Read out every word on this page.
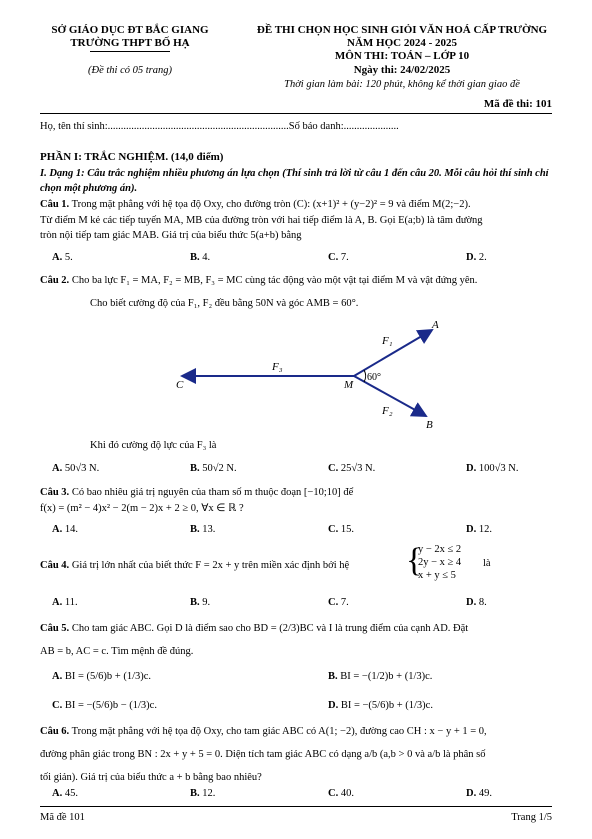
SỞ GIÁO DỤC ĐT BẮC GIANG
TRƯỜNG THPT BỐ HẠ
(Đề thi có 05 trang)
ĐỀ THI CHỌN HỌC SINH GIỎI VĂN HOÁ CẤP TRƯỜNG
NĂM HỌC 2024 - 2025
MÔN THI: TOÁN – LỚP 10
Ngày thi: 24/02/2025
Thời gian làm bài: 120 phút, không kể thời gian giao đề
Mã đề thi: 101
Họ, tên thí sinh:.....................................................................Số báo danh:.....................
PHẦN I: TRẮC NGHIỆM. (14,0 điểm)
I. Dạng 1: Câu trắc nghiệm nhiều phương án lựa chọn (Thí sinh trả lời từ câu 1 đến câu 20. Mỗi câu hỏi thí sinh chỉ chọn một phương án).
Câu 1. Trong mặt phẳng với hệ tọa độ Oxy, cho đường tròn (C): (x+1)² + (y−2)² = 9 và điểm M(2;−2).
Từ điểm M kẻ các tiếp tuyến MA, MB của đường tròn với hai tiếp điểm là A, B. Gọi E(a;b) là tâm đường
tròn nội tiếp tam giác MAB. Giá trị của biểu thức 5(a+b) bằng
A. 5.	B. 4.	C. 7.	D. 2.
Câu 2. Cho ba lực F₁ = MA, F₂ = MB, F₃ = MC cùng tác động vào một vật tại điểm M và vật đứng yên.
Cho biết cường độ của F₁, F₂ đều bằng 50N và góc AMB = 60°.
A
B
C	M
F₁
F₂
F₃
60°
Khi đó cường độ lực của F₃ là
A. 50√3 N.	B. 50√2 N.	C. 25√3 N.	D. 100√3 N.
Câu 3. Có bao nhiêu giá trị nguyên của tham số m thuộc đoạn [−10;10] để
f(x) = (m² − 4)x² − 2(m − 2)x + 2 ≥ 0, ∀x ∈ ℝ ?
A. 14.	B. 13.	C. 15.	D. 12.
Câu 4. Giá trị lớn nhất của biết thức F = 2x + y trên miền xác định bởi hệ	{
y − 2x ≤ 2
2y − x ≥ 4
x + y ≤ 5
là
A. 11.	B. 9.	C. 7.	D. 8.
Câu 5. Cho tam giác ABC. Gọi D là điểm sao cho BD = (2/3)BC và I là trung điểm của cạnh AD. Đặt
AB = b, AC = c. Tìm mệnh đề đúng.
A. BI = (5/6)b + (1/3)c.	B. BI = −(1/2)b + (1/3)c.
C. BI = −(5/6)b − (1/3)c.	D. BI = −(5/6)b + (1/3)c.
Câu 6. Trong mặt phẳng với hệ tọa độ Oxy, cho tam giác ABC có A(1; −2), đường cao CH : x − y + 1 = 0,
đường phân giác trong BN : 2x + y + 5 = 0. Diện tích tam giác ABC có dạng a/b (a,b > 0 và a/b là phân số
tối giản). Giá trị của biểu thức a + b bằng bao nhiêu?
A. 45.	B. 12.	C. 40.	D. 49.
Mã đề 101	Trang 1/5
